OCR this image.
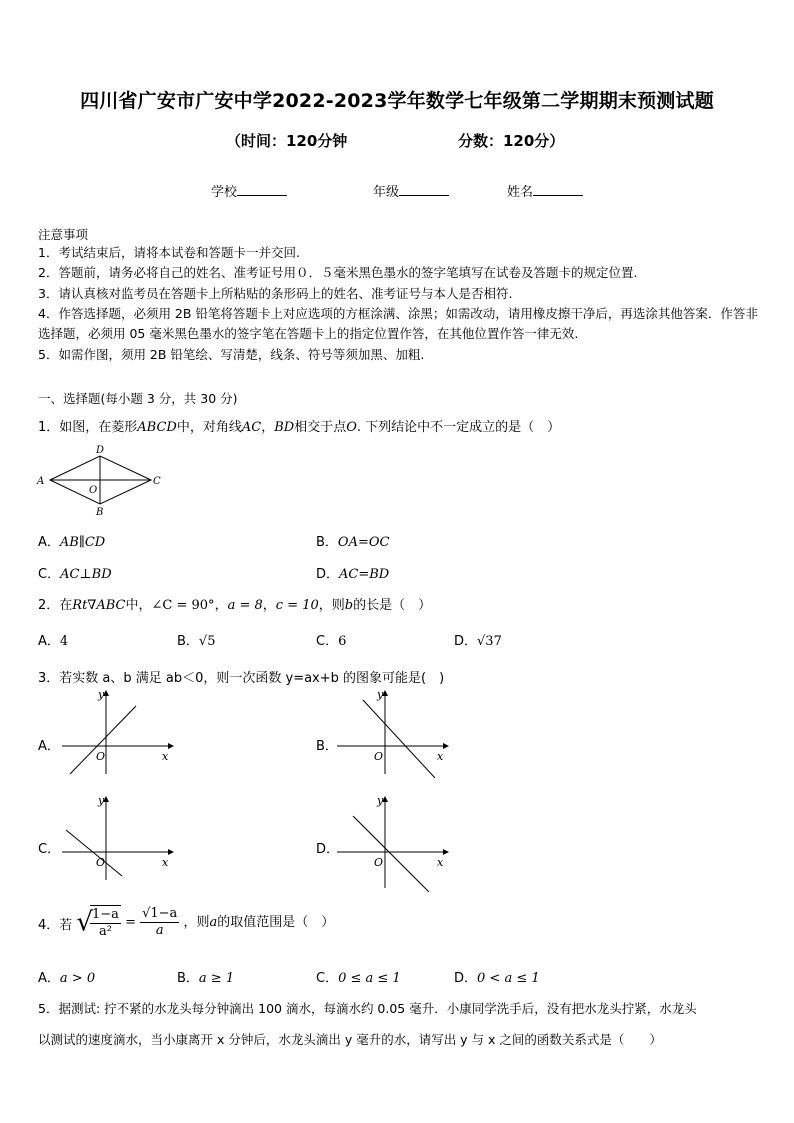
四川省广安市广安中学2022-2023学年数学七年级第二学期期末预测试题
（时间：120分钟	分数：120分）
学校	年级	姓名
注意事项
1．考试结束后，请将本试卷和答题卡一并交回.
2．答题前，请务必将自己的姓名、准考证号用０．５毫米黑色墨水的签字笔填写在试卷及答题卡的规定位置.
3．请认真核对监考员在答题卡上所粘贴的条形码上的姓名、准考证号与本人是否相符.
4．作答选择题，必须用 2B 铅笔将答题卡上对应选项的方框涂满、涂黑；如需改动，请用橡皮擦干净后，再选涂其他答案．作答非选择题，必须用 05 毫米黑色墨水的签字笔在答题卡上的指定位置作答，在其他位置作答一律无效.
5．如需作图，须用 2B 铅笔绘、写清楚，线条、符号等须加黑、加粗.
一、选择题(每小题 3 分，共 30 分)
1．如图，在菱形ABCD中，对角线AC，BD相交于点O. 下列结论中不一定成立的是（　）
A
D
C
B
O
A．AB∥CD	B．OA=OC
C．AC⊥BD	D．AC=BD
2．在Rt∇ABC中，∠C = 90°，a = 8，c = 10，则b的长是（　）
A．4	B．√5	C．6	D．√37
3．若实数 a、b 满足 ab＜0，则一次函数 y=ax+b 的图象可能是(　)
A．
y
x
O
B．
y
x
O
C．
y
x
O
D．
y
x
O
4．若 √
$\frac{1-a}{\text{a²}} = \frac{√1-a}{a}$ ，则a的取值范围是（　）
A．a > 0	B．a ≥ 1	C．0 ≤ a ≤ 1	D．0 < a ≤ 1
5．据测试: 拧不紧的水龙头每分钟滴出 100 滴水，每滴水约 0.05 毫升．小康同学洗手后，没有把水龙头拧紧，水龙头
以测试的速度滴水，当小康离开 x 分钟后，水龙头滴出 y 毫升的水，请写出 y 与 x 之间的函数关系式是（　　）
